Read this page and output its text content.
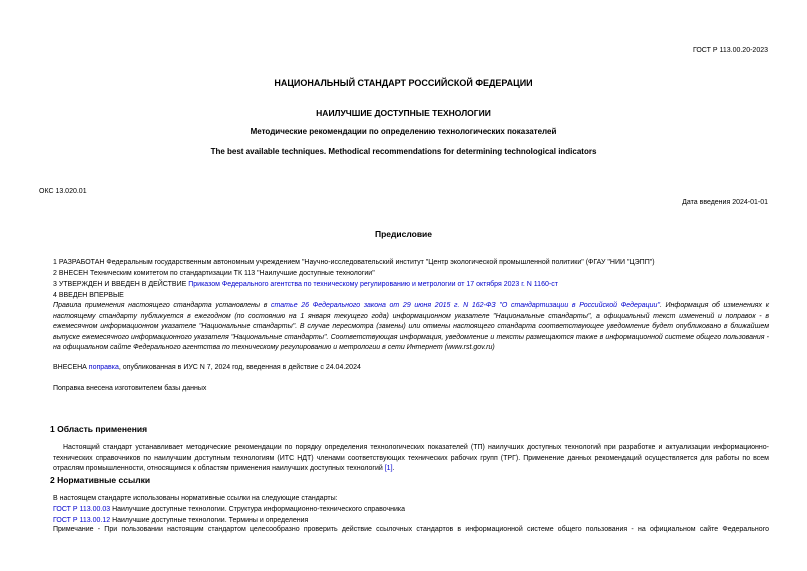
ГОСТ Р 113.00.20-2023
НАЦИОНАЛЬНЫЙ СТАНДАРТ РОССИЙСКОЙ ФЕДЕРАЦИИ
НАИЛУЧШИЕ ДОСТУПНЫЕ ТЕХНОЛОГИИ
Методические рекомендации по определению технологических показателей
The best available techniques. Methodical recommendations for determining technological indicators
ОКС 13.020.01
Дата введения 2024-01-01
Предисловие
1 РАЗРАБОТАН Федеральным государственным автономным учреждением "Научно-исследовательский институт "Центр экологической промышленной политики" (ФГАУ "НИИ "ЦЭПП")
2 ВНЕСЕН Техническим комитетом по стандартизации ТК 113 "Наилучшие доступные технологии"
3 УТВЕРЖДЕН И ВВЕДЕН В ДЕЙСТВИЕ Приказом Федерального агентства по техническому регулированию и метрологии от 17 октября 2023 г. N 1160-ст
4 ВВЕДЕН ВПЕРВЫЕ
Правила применения настоящего стандарта установлены в статье 26 Федерального закона от 29 июня 2015 г. N 162-ФЗ "О стандартизации в Российской Федерации". Информация об изменениях к настоящему стандарту публикуется в ежегодном (по состоянию на 1 января текущего года) информационном указателе "Национальные стандарты", а официальный текст изменений и поправок - в ежемесячном информационном указателе "Национальные стандарты". В случае пересмотра (замены) или отмены настоящего стандарта соответствующее уведомление будет опубликовано в ближайшем выпуске ежемесячного информационного указателя "Национальные стандарты". Соответствующая информация, уведомление и тексты размещаются также в информационной системе общего пользования - на официальном сайте Федерального агентства по техническому регулированию и метрологии в сети Интернет (www.rst.gov.ru)
ВНЕСЕНА поправка, опубликованная в ИУС N 7, 2024 год, введенная в действие с 24.04.2024
Поправка внесена изготовителем базы данных
1 Область применения
Настоящий стандарт устанавливает методические рекомендации по порядку определения технологических показателей (ТП) наилучших доступных технологий при разработке и актуализации информационно-технических справочников по наилучшим доступным технологиям (ИТС НДТ) членами соответствующих технических рабочих групп (ТРГ). Применение данных рекомендаций осуществляется для работы по всем отраслям промышленности, относящимся к областям применения наилучших доступных технологий [1].
2 Нормативные ссылки
В настоящем стандарте использованы нормативные ссылки на следующие стандарты:
ГОСТ Р 113.00.03 Наилучшие доступные технологии. Структура информационно-технического справочника
ГОСТ Р 113.00.12 Наилучшие доступные технологии. Термины и определения
Примечание - При пользовании настоящим стандартом целесообразно проверить действие ссылочных стандартов в информационной системе общего пользования - на официальном сайте Федерального
